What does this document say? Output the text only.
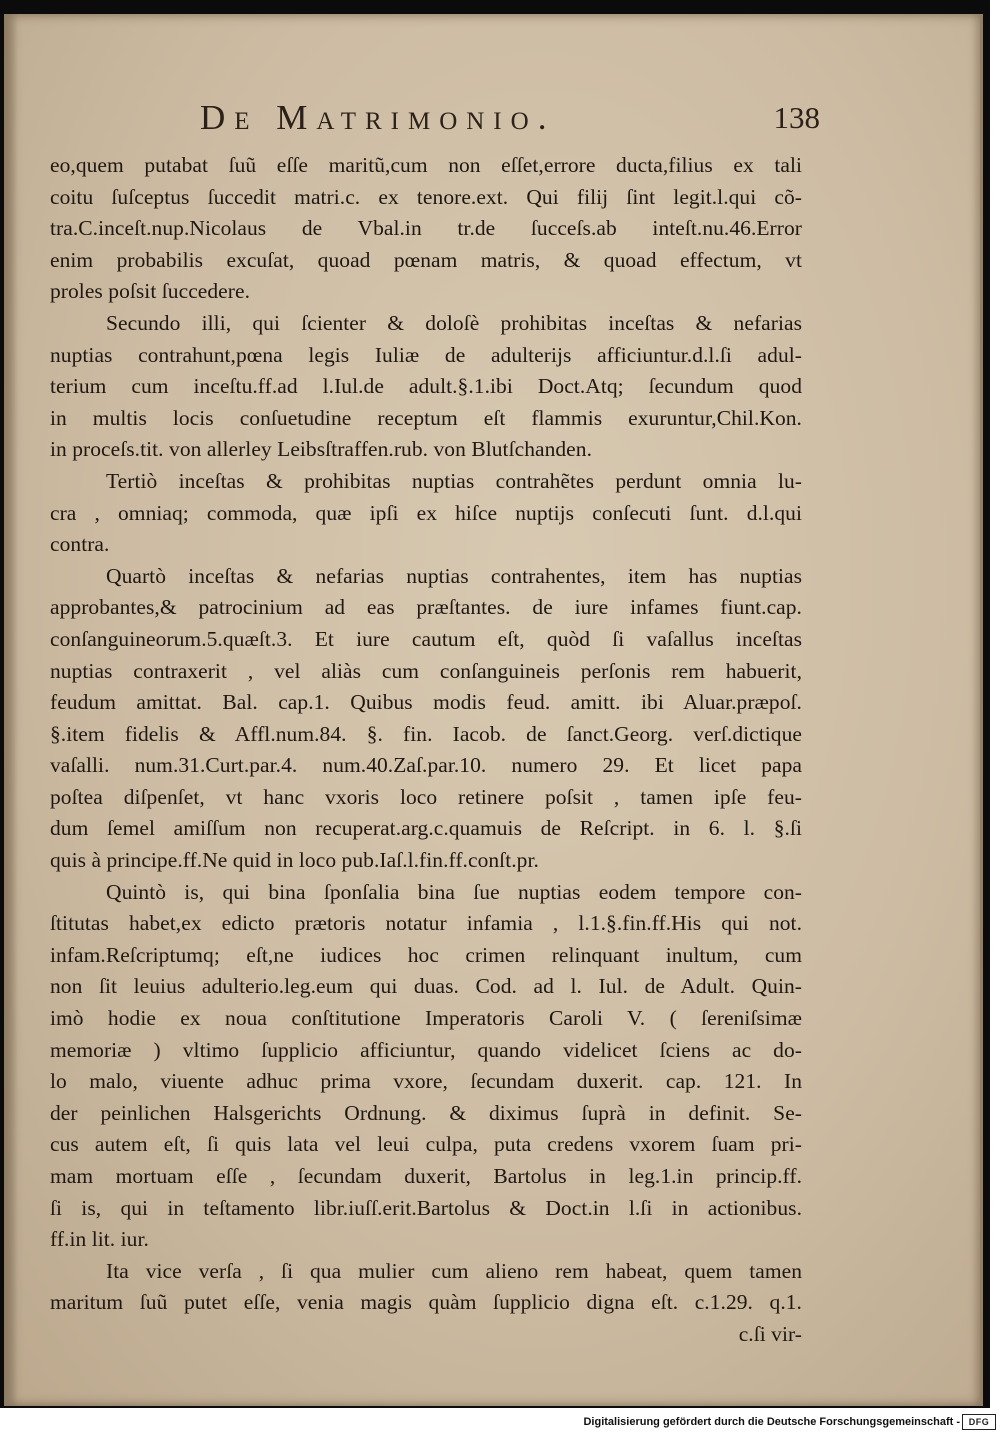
De Matrimonio.	138
eo,quem putabat ſuũ eſſe maritũ,cum non eſſet,errore ducta,filius ex tali
coitu ſuſceptus ſuccedit matri.c. ex tenore.ext. Qui filij ſint legit.l.qui cõ-
tra.C.inceſt.nup.Nicolaus de Vbal.in tr.de ſucceſs.ab inteſt.nu.46.Error
enim probabilis excuſat, quoad pœnam matris, & quoad effectum, vt
proles poſsit ſuccedere.
Secundo illi, qui ſcienter & doloſè prohibitas inceſtas & nefarias
nuptias contrahunt,pœna legis Iuliæ de adulterijs afficiuntur.d.l.ſi adul-
terium cum inceſtu.ff.ad l.Iul.de adult.§.1.ibi Doct.Atq; ſecundum quod
in multis locis conſuetudine receptum eſt flammis exuruntur,Chil.Kon.
in proceſs.tit. von allerley Leibsſtraffen.rub. von Blutſchanden.
Tertiò inceſtas & prohibitas nuptias contrahẽtes perdunt omnia lu-
cra , omniaq; commoda, quæ ipſi ex hiſce nuptijs conſecuti ſunt. d.l.qui
contra.
Quartò inceſtas & nefarias nuptias contrahentes, item has nuptias
approbantes,& patrocinium ad eas præſtantes. de iure infames fiunt.cap.
conſanguineorum.5.quæſt.3. Et iure cautum eſt, quòd ſi vaſallus inceſtas
nuptias contraxerit , vel aliàs cum conſanguineis perſonis rem habuerit,
feudum amittat. Bal. cap.1. Quibus modis feud. amitt. ibi Aluar.præpoſ.
§.item fidelis & Affl.num.84. §. fin. Iacob. de ſanct.Georg. verſ.dictique
vaſalli. num.31.Curt.par.4. num.40.Zaſ.par.10. numero 29. Et licet papa
poſtea diſpenſet, vt hanc vxoris loco retinere poſsit , tamen ipſe feu-
dum ſemel amiſſum non recuperat.arg.c.quamuis de Reſcript. in 6. l. §.ſi
quis à principe.ff.Ne quid in loco pub.Iaſ.l.fin.ff.conſt.pr.
Quintò is, qui bina ſponſalia bina ſue nuptias eodem tempore con-
ſtitutas habet,ex edicto prætoris notatur infamia , l.1.§.fin.ff.His qui not.
infam.Reſcriptumq; eſt,ne iudices hoc crimen relinquant inultum, cum
non ſit leuius adulterio.leg.eum qui duas. Cod. ad l. Iul. de Adult. Quin-
imò hodie ex noua conſtitutione Imperatoris Caroli V. ( ſereniſsimæ
memoriæ ) vltimo ſupplicio afficiuntur, quando videlicet ſciens ac do-
lo malo, viuente adhuc prima vxore, ſecundam duxerit. cap. 121. In
der peinlichen Halsgerichts Ordnung. & diximus ſuprà in definit. Se-
cus autem eſt, ſi quis lata vel leui culpa, puta credens vxorem ſuam pri-
mam mortuam eſſe , ſecundam duxerit, Bartolus in leg.1.in princip.ff.
ſi is, qui in teſtamento libr.iuſſ.erit.Bartolus & Doct.in l.ſi in actionibus.
ff.in lit. iur.
Ita vice verſa , ſi qua mulier cum alieno rem habeat, quem tamen
maritum ſuũ putet eſſe, venia magis quàm ſupplicio digna eſt. c.1.29. q.1.
c.ſi vir-
Digitalisierung gefördert durch die Deutsche Forschungsgemeinschaft - DFG
